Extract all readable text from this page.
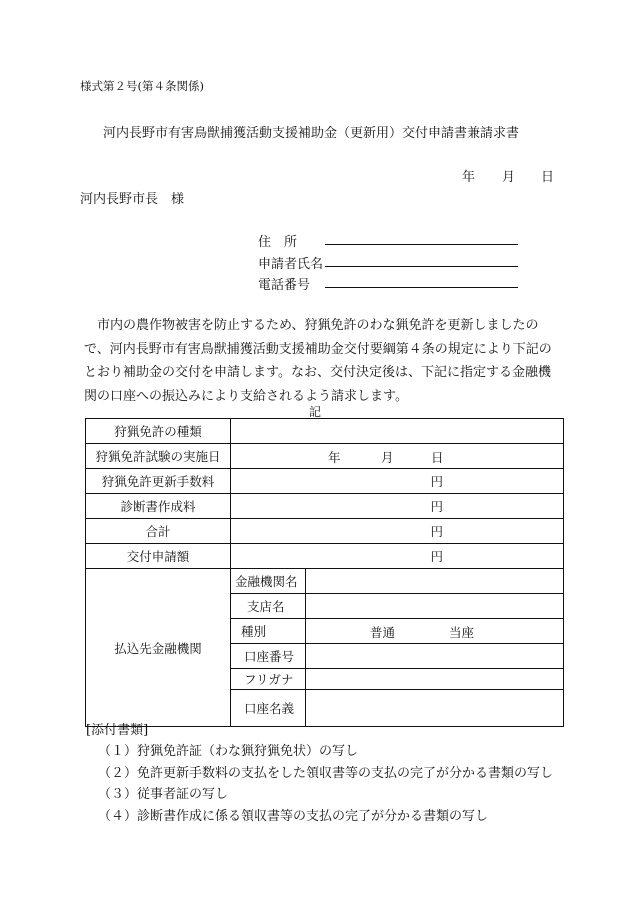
様式第２号(第４条関係)
河内長野市有害鳥獣捕獲活動支援補助金（更新用）交付申請書兼請求書
年 月 日
河内長野市長　様
住　所
申請者氏名
電話番号
市内の農作物被害を防止するため、狩猟免許のわな猟免許を更新しましたので、河内長野市有害鳥獣捕獲活動支援補助金交付要綱第４条の規定により下記のとおり補助金の交付を申請します。なお、交付決定後は、下記に指定する金融機関の口座への振込みにより支給されるよう請求します。
記
狩猟免許の種類		
狩猟免許試験の実施日	年 月 日	

狩猟免許更新手数料	円	
診断書作成料	円	
合計	円	
交付申請額	円	
払込先金融機関	金融機関名	
	支店名	
	種別	普通 当座

	口座番号	
	フリガナ	
	口座名義	
[添付書類]
（１）狩猟免許証（わな猟狩猟免状）の写し
（２）免許更新手数料の支払をした領収書等の支払の完了が分かる書類の写し
（３）従事者証の写し
（４）診断書作成に係る領収書等の支払の完了が分かる書類の写し
